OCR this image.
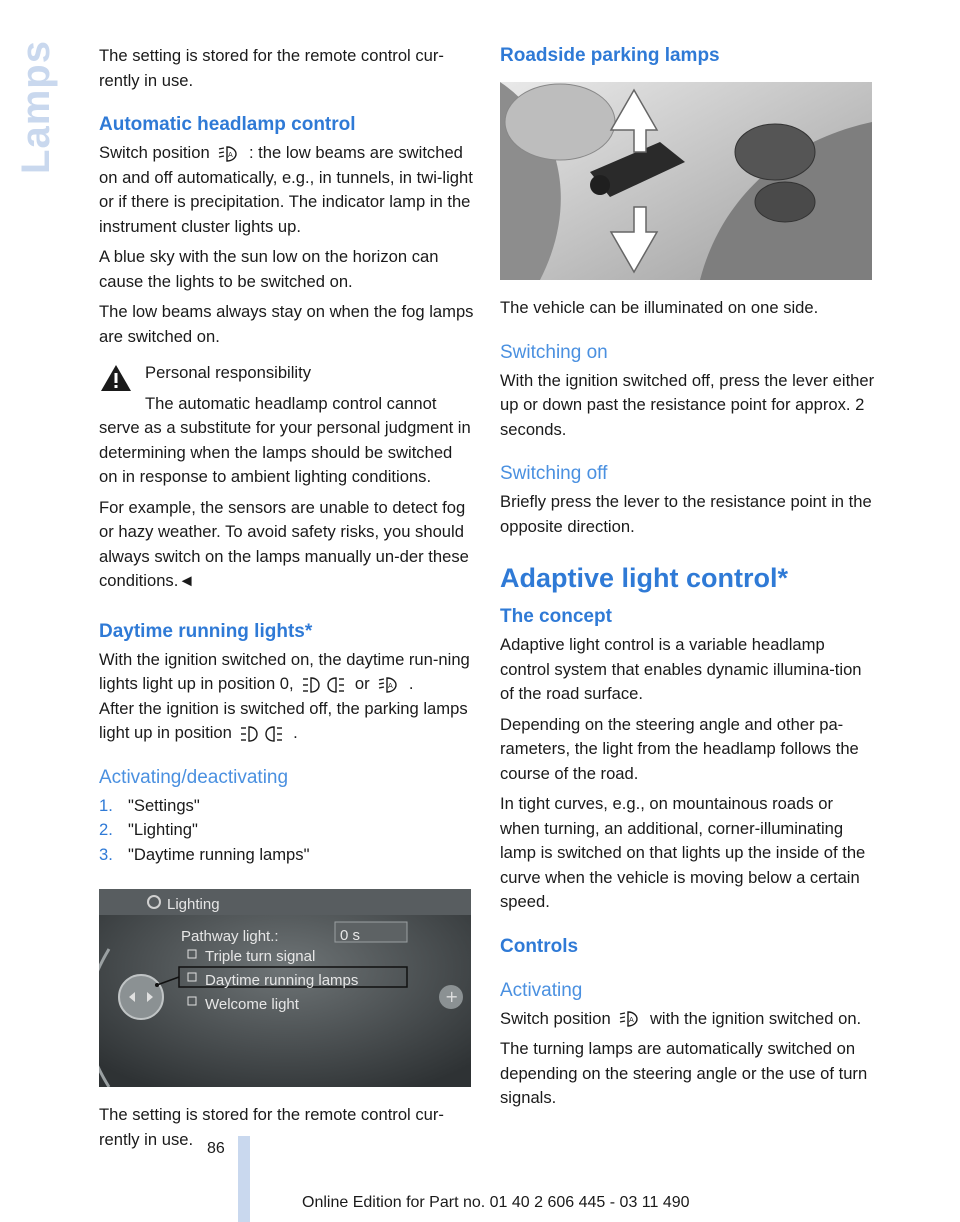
Lamps The setting is stored for the remote control cur-rently in use.

Automatic headlamp control

Switch position	A : the low beams are switched on and off automatically, e.g., in tunnels, in twi-light or if there is precipitation. The indicator lamp in the instrument cluster lights up.

A blue sky with the sun low on the horizon can cause the lights to be switched on.

The low beams always stay on when the fog lamps are switched on.

Personal responsibility

The automatic headlamp control cannot

serve as a substitute for your personal judgment in determining when the lamps should be switched on in response to ambient lighting conditions.

For example, the sensors are unable to detect fog or hazy weather. To avoid safety risks, you should always switch on the lamps manually un-der these conditions.◄

Daytime running lights*

With the ignition switched on, the daytime run-ning lights light up in position 0,	or	A .

After the ignition is switched off, the parking lamps light up in position	.

Activating/deactivating
1. "Settings"
2. "Lighting"
3. "Daytime running lamps"
+
Lighting
Pathway light.:	0 s
Triple turn signal
Daytime running lamps
Welcome light

The setting is stored for the remote control cur-rently in use.

Roadside parking lamps

The vehicle can be illuminated on one side.

Switching on

With the ignition switched off, press the lever either up or down past the resistance point for approx. 2 seconds.

Switching off

Briefly press the lever to the resistance point in the opposite direction.

Adaptive light control*
The concept

Adaptive light control is a variable headlamp control system that enables dynamic illumina-tion of the road surface.

Depending on the steering angle and other pa-rameters, the light from the headlamp follows the course of the road.

In tight curves, e.g., on mountainous roads or when turning, an additional, corner-illuminating lamp is switched on that lights up the inside of the curve when the vehicle is moving below a certain speed.

Controls
Activating

Switch position	A with the ignition switched on.

The turning lamps are automatically switched on depending on the steering angle or the use of turn signals.

86
Online Edition for Part no. 01 40 2 606 445 - 03 11 490
